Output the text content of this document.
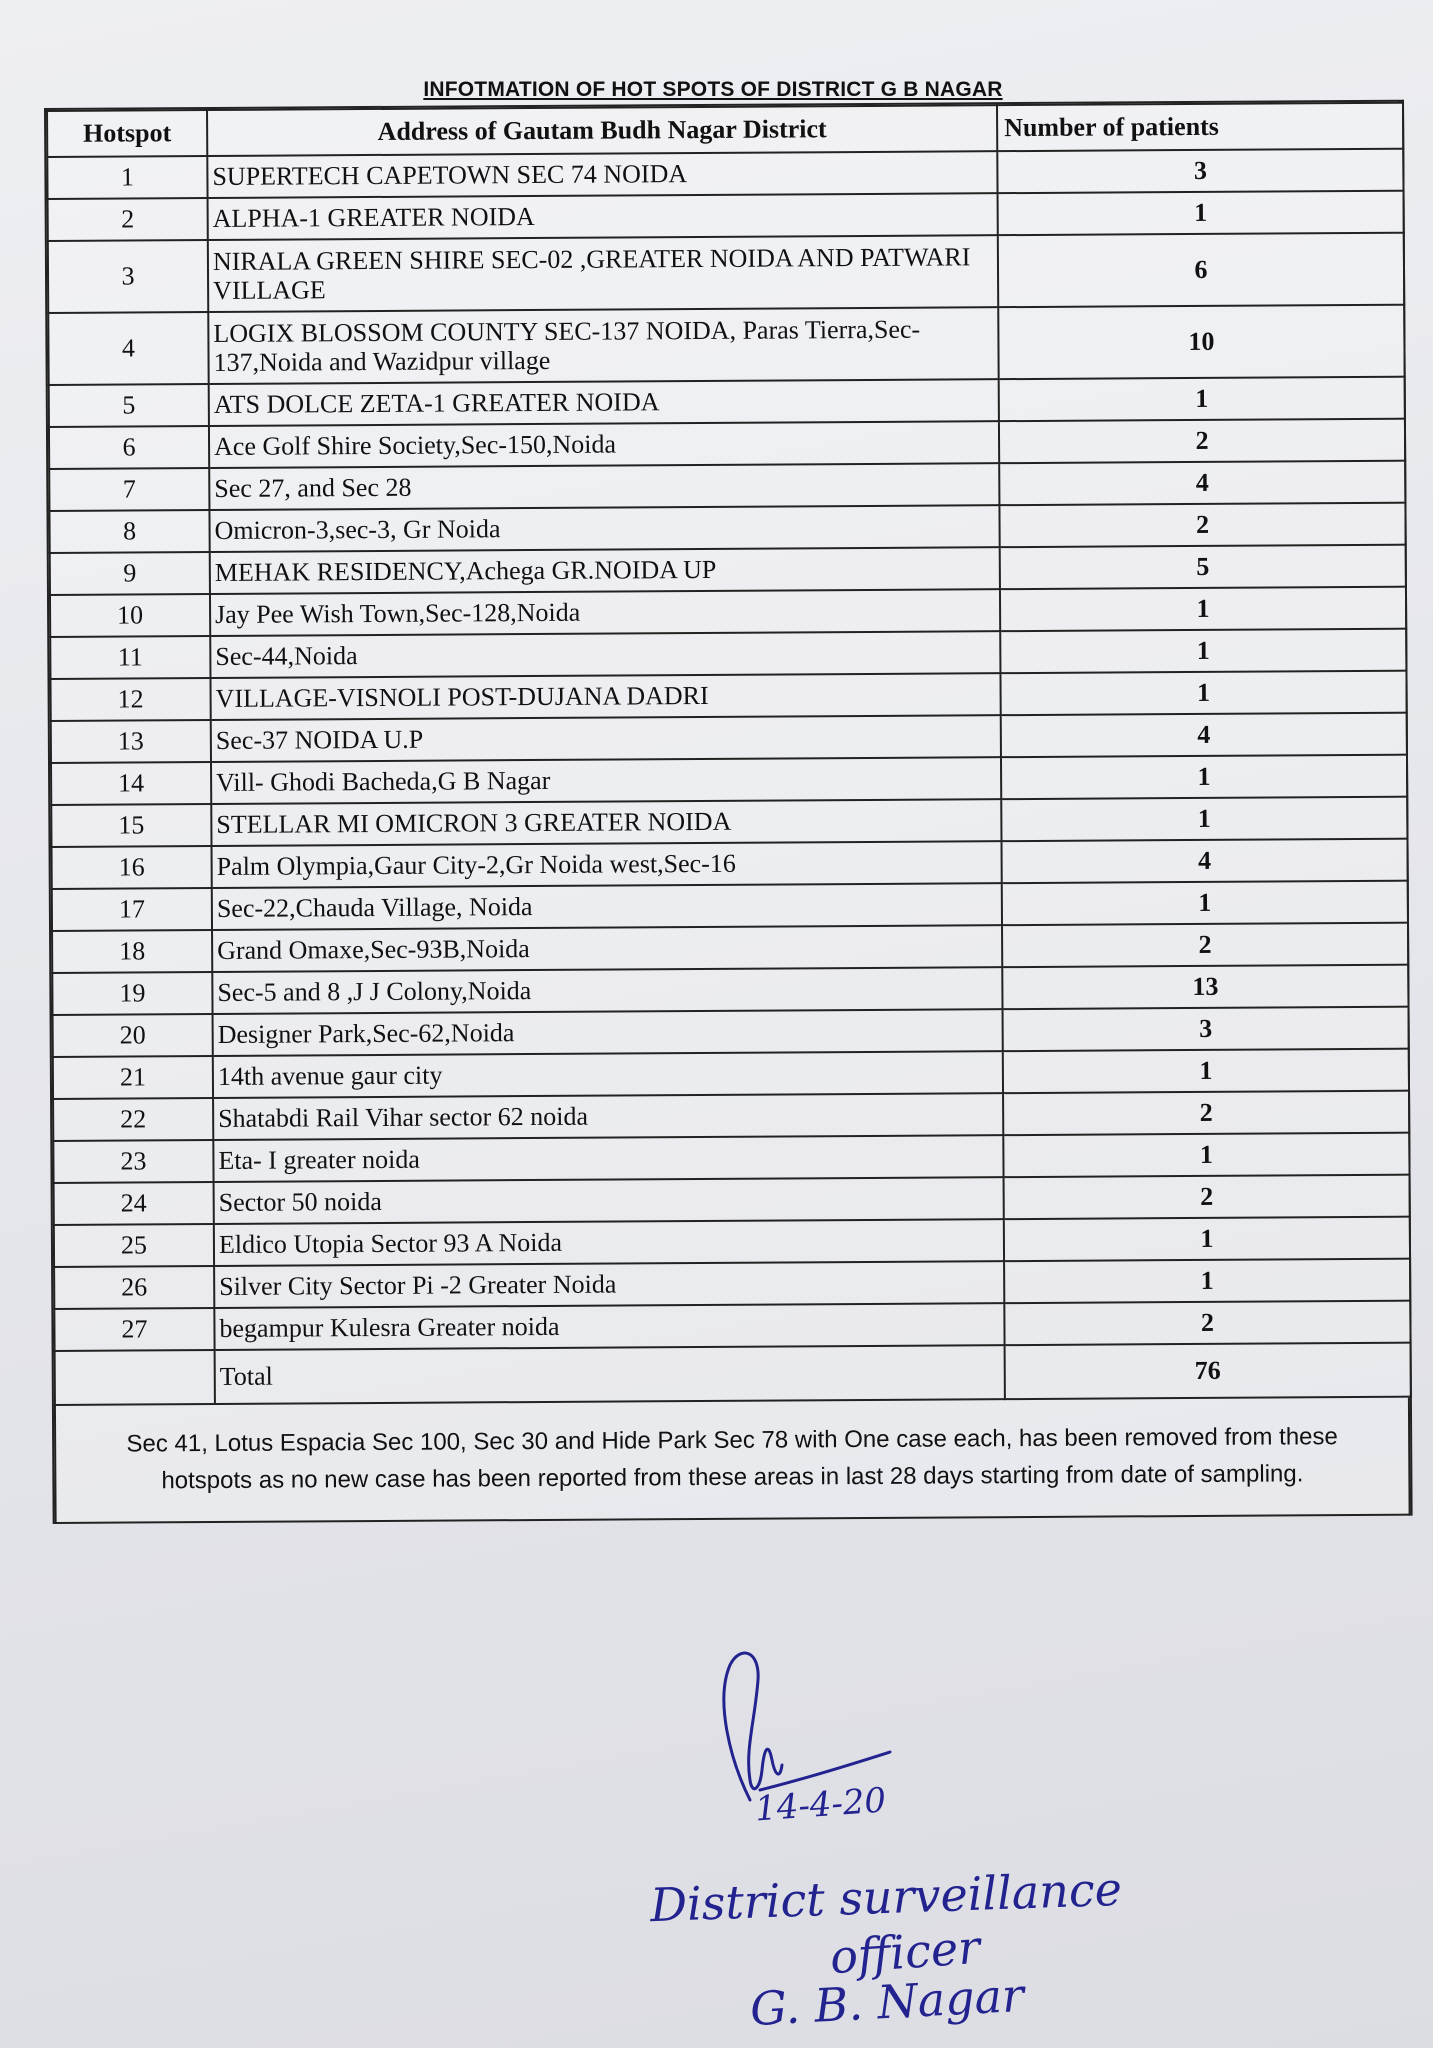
INFOTMATION OF HOT SPOTS OF DISTRICT G B NAGAR
Hotspot	Address of Gautam Budh Nagar District	Number of patients
1	SUPERTECH CAPETOWN SEC 74 NOIDA	3
2	ALPHA-1 GREATER NOIDA	1
3	NIRALA GREEN SHIRE SEC-02 ,GREATER NOIDA AND PATWARI VILLAGE	6
4	LOGIX BLOSSOM COUNTY SEC-137 NOIDA, Paras Tierra,Sec-137,Noida and Wazidpur village	10
5	ATS DOLCE ZETA-1 GREATER NOIDA	1
6	Ace Golf Shire Society,Sec-150,Noida	2
7	Sec 27, and Sec 28	4
8	Omicron-3,sec-3, Gr Noida	2
9	MEHAK RESIDENCY,Achega GR.NOIDA UP	5
10	Jay Pee Wish Town,Sec-128,Noida	1
11	Sec-44,Noida	1
12	VILLAGE-VISNOLI POST-DUJANA DADRI	1
13	Sec-37 NOIDA U.P	4
14	Vill- Ghodi Bacheda,G B Nagar	1
15	STELLAR MI OMICRON 3 GREATER NOIDA	1
16	Palm Olympia,Gaur City-2,Gr Noida west,Sec-16	4
17	Sec-22,Chauda Village, Noida	1
18	Grand Omaxe,Sec-93B,Noida	2
19	Sec-5 and 8 ,J J Colony,Noida	13
20	Designer Park,Sec-62,Noida	3
21	14th avenue gaur city	1
22	Shatabdi Rail Vihar sector 62 noida	2
23	Eta- I greater noida	1
24	Sector 50 noida	2
25	Eldico Utopia Sector 93 A Noida	1
26	Silver City Sector Pi -2 Greater Noida	1
27	begampur Kulesra Greater noida	2
	Total	76
Sec 41, Lotus Espacia Sec 100, Sec 30 and Hide Park Sec 78 with One case each, has been removed from these hotspots as no new case has been reported from these areas in last 28 days starting from date of sampling.
14-4-20
District surveillance
officer
G. B. Nagar
